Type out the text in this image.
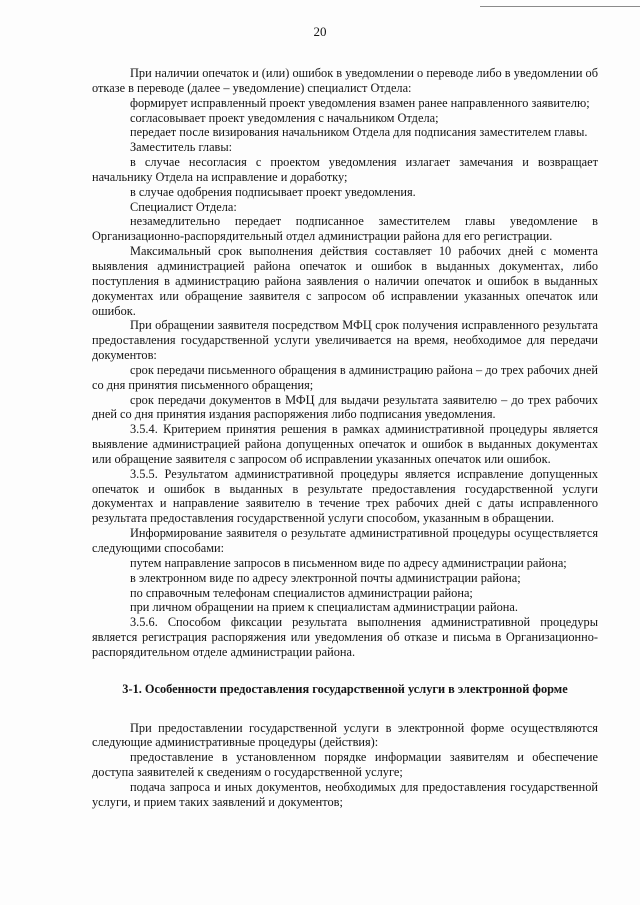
20

При наличии опечаток и (или) ошибок в уведомлении о переводе либо в уведомлении об отказе в переводе (далее – уведомление) специалист Отдела:

формирует исправленный проект уведомления взамен ранее направленного заявителю;

согласовывает проект уведомления с начальником Отдела;

передает после визирования начальником Отдела для подписания заместителем главы.

Заместитель главы:

в случае несогласия с проектом уведомления излагает замечания и возвращает начальнику Отдела на исправление и доработку;

в случае одобрения подписывает проект уведомления.

Специалист Отдела:

незамедлительно передает подписанное заместителем главы уведомление в Организационно-распорядительный отдел администрации района для его регистрации.

Максимальный срок выполнения действия составляет 10 рабочих дней с момента выявления администрацией района опечаток и ошибок в выданных документах, либо поступления в администрацию района заявления о наличии опечаток и ошибок в выданных документах или обращение заявителя с запросом об исправлении указанных опечаток или ошибок.

При обращении заявителя посредством МФЦ срок получения исправленного результата предоставления государственной услуги увеличивается на время, необходимое для передачи документов:

срок передачи письменного обращения в администрацию района – до трех рабочих дней со дня принятия письменного обращения;

срок передачи документов в МФЦ для выдачи результата заявителю – до трех рабочих дней со дня принятия издания распоряжения либо подписания уведомления.

3.5.4. Критерием принятия решения в рамках административной процедуры является выявление администрацией района допущенных опечаток и ошибок в выданных документах или обращение заявителя с запросом об исправлении указанных опечаток или ошибок.

3.5.5. Результатом административной процедуры является исправление допущенных опечаток и ошибок в выданных в результате предоставления государственной услуги документах и направление заявителю в течение трех рабочих дней с даты исправленного результата предоставления государственной услуги способом, указанным в обращении.

Информирование заявителя о результате административной процедуры осуществляется следующими способами:

путем направление запросов в письменном виде по адресу администрации района;

в электронном виде по адресу электронной почты администрации района;

по справочным телефонам специалистов администрации района;

при личном обращении на прием к специалистам администрации района.

3.5.6. Способом фиксации результата выполнения административной процедуры является регистрация распоряжения или уведомления об отказе и письма в Организационно-распорядительном отделе администрации района.

3-1. Особенности предоставления государственной услуги в электронной форме

При предоставлении государственной услуги в электронной форме осуществляются следующие административные процедуры (действия):

предоставление в установленном порядке информации заявителям и обеспечение доступа заявителей к сведениям о государственной услуге;

подача запроса и иных документов, необходимых для предоставления государственной услуги, и прием таких заявлений и документов;
